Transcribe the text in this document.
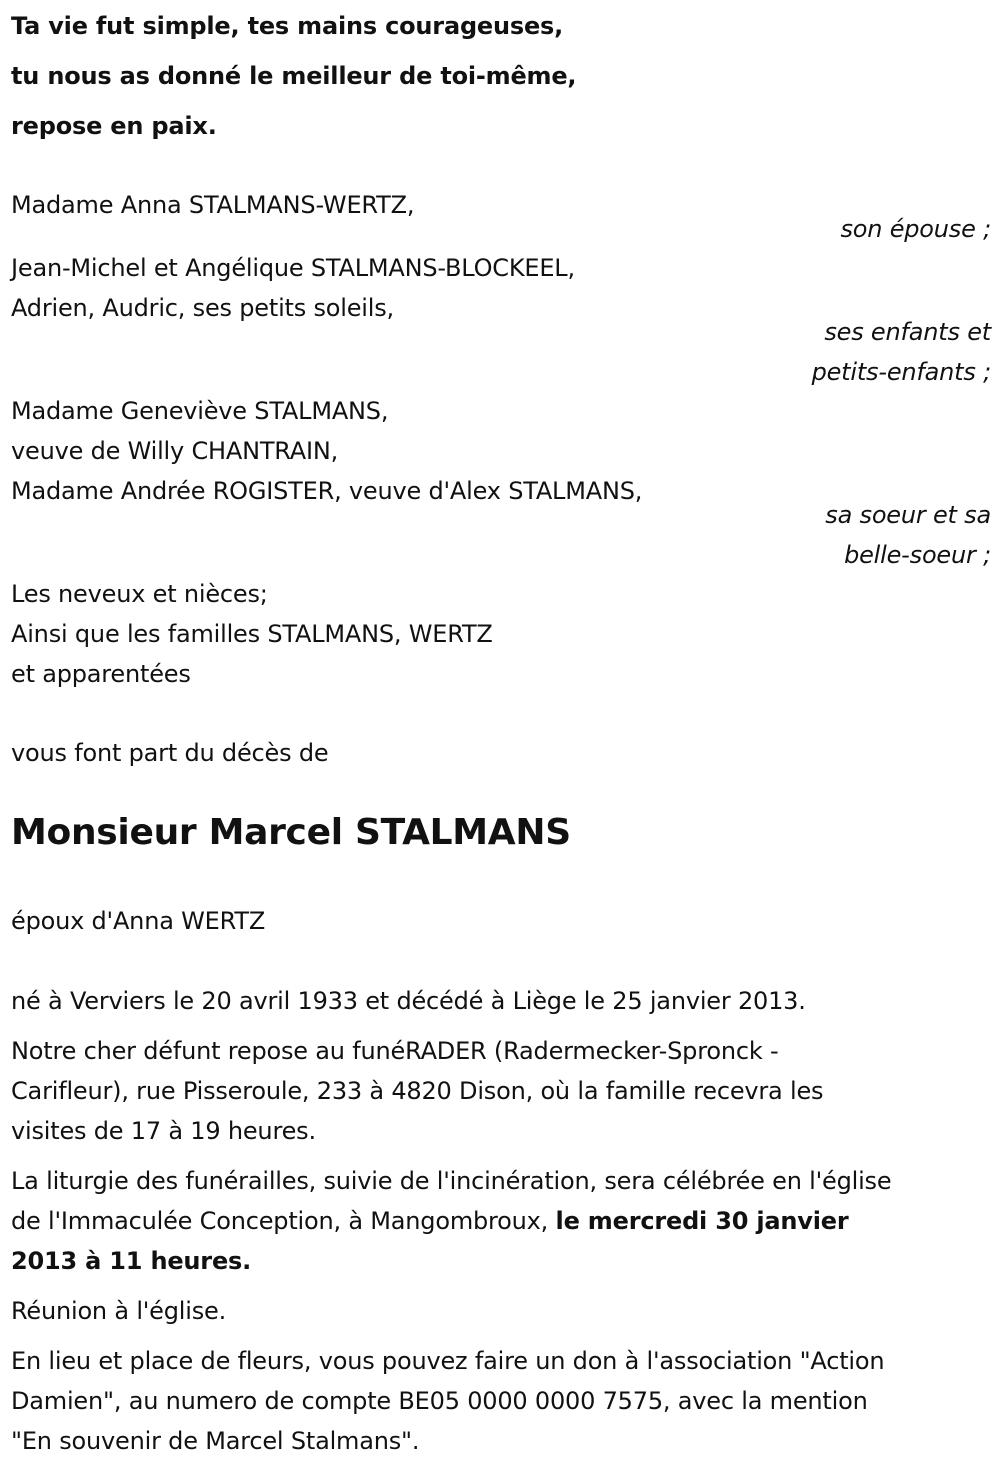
Ta vie fut simple, tes mains courageuses,
tu nous as donné le meilleur de toi-même,
repose en paix.
Madame Anna STALMANS-WERTZ,
son épouse ;
Jean-Michel et Angélique STALMANS-BLOCKEEL,
Adrien, Audric, ses petits soleils,
ses enfants et
petits-enfants ;
Madame Geneviève STALMANS,
veuve de Willy CHANTRAIN,
Madame Andrée ROGISTER, veuve d'Alex STALMANS,
sa soeur et sa
belle-soeur ;
Les neveux et nièces;
Ainsi que les familles STALMANS, WERTZ
et apparentées
vous font part du décès de
Monsieur Marcel STALMANS
époux d'Anna WERTZ
né à Verviers le 20 avril 1933 et décédé à Liège le 25 janvier 2013.
Notre cher défunt repose au funéRADER (Radermecker-Spronck -
Carifleur), rue Pisseroule, 233 à 4820 Dison, où la famille recevra les
visites de 17 à 19 heures.
La liturgie des funérailles, suivie de l'incinération, sera célébrée en l'église
de l'Immaculée Conception, à Mangombroux, le mercredi 30 janvier
2013 à 11 heures.
Réunion à l'église.
En lieu et place de fleurs, vous pouvez faire un don à l'association "Action
Damien", au numero de compte BE05 0000 0000 7575, avec la mention
"En souvenir de Marcel Stalmans".
